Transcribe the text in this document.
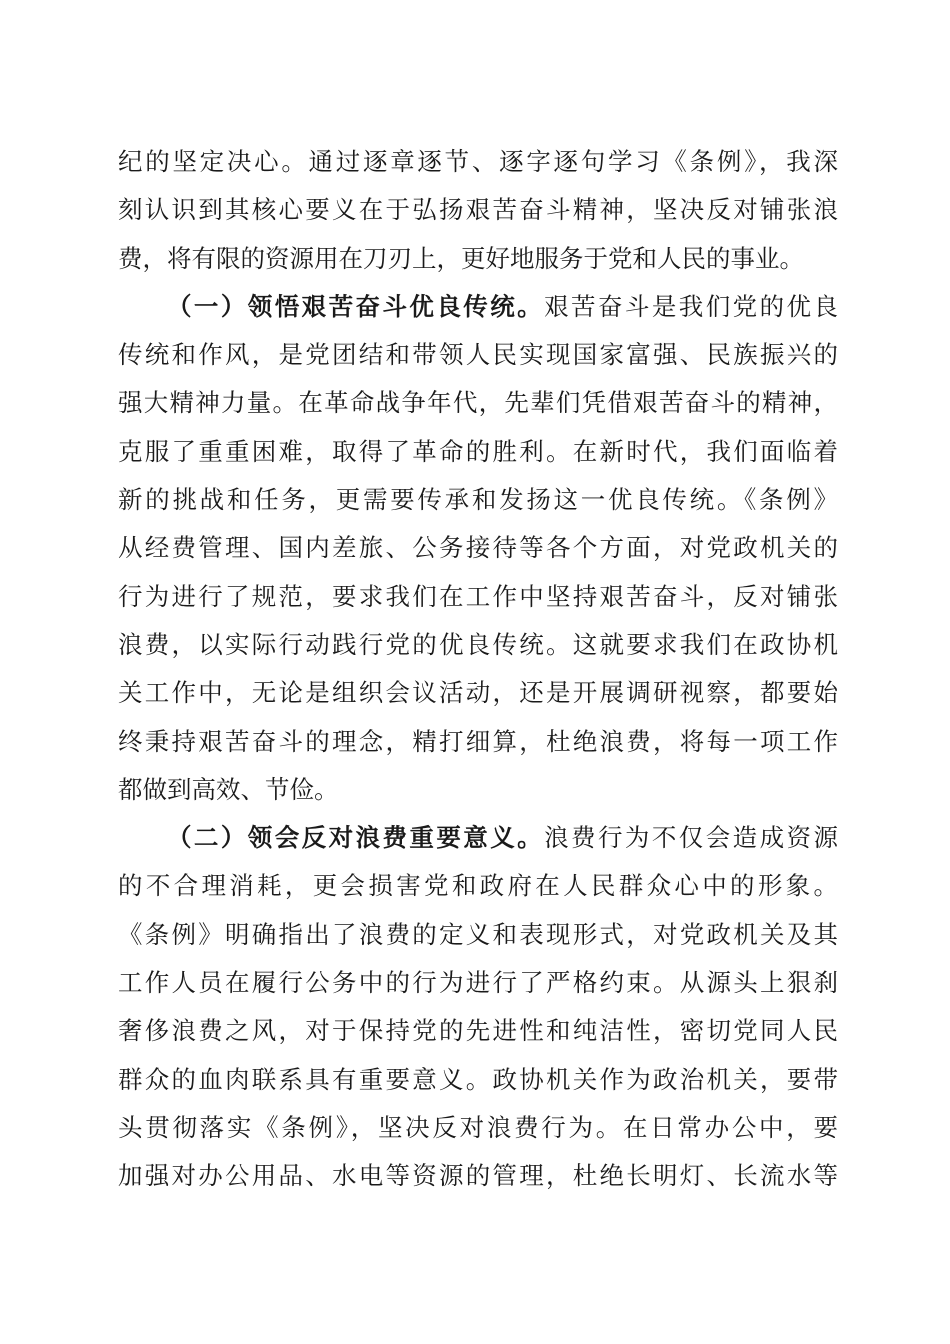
纪的坚定决心。通过逐章逐节、逐字逐句学习《条例》，我深
刻认识到其核心要义在于弘扬艰苦奋斗精神，坚决反对铺张浪
费，将有限的资源用在刀刃上，更好地服务于党和人民的事业。
（一）领悟艰苦奋斗优良传统。艰苦奋斗是我们党的优良
传统和作风，是党团结和带领人民实现国家富强、民族振兴的
强大精神力量。在革命战争年代，先辈们凭借艰苦奋斗的精神，
克服了重重困难，取得了革命的胜利。在新时代，我们面临着
新的挑战和任务，更需要传承和发扬这一优良传统。《条例》
从经费管理、国内差旅、公务接待等各个方面，对党政机关的
行为进行了规范，要求我们在工作中坚持艰苦奋斗，反对铺张
浪费，以实际行动践行党的优良传统。这就要求我们在政协机
关工作中，无论是组织会议活动，还是开展调研视察，都要始
终秉持艰苦奋斗的理念，精打细算，杜绝浪费，将每一项工作
都做到高效、节俭。
（二）领会反对浪费重要意义。浪费行为不仅会造成资源
的不合理消耗，更会损害党和政府在人民群众心中的形象。
《条例》明确指出了浪费的定义和表现形式，对党政机关及其
工作人员在履行公务中的行为进行了严格约束。从源头上狠刹
奢侈浪费之风，对于保持党的先进性和纯洁性，密切党同人民
群众的血肉联系具有重要意义。政协机关作为政治机关，要带
头贯彻落实《条例》，坚决反对浪费行为。在日常办公中，要
加强对办公用品、水电等资源的管理，杜绝长明灯、长流水等
